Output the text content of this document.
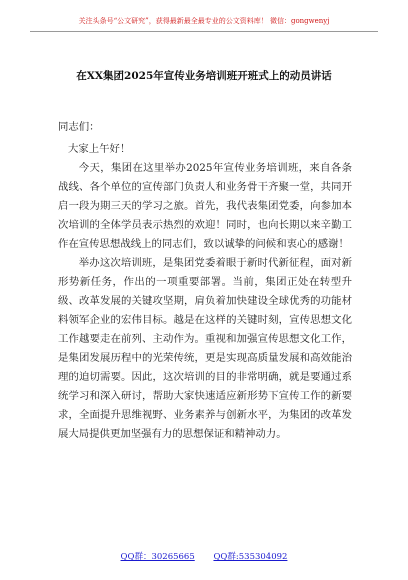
关注头条号“公文研究”，获得最新最全最专业的公文资料库！ 微信：gongwenyj
在XX集团2025年宣传业务培训班开班式上的动员讲话

同志们：

大家上午好！

今天，集团在这里举办2025年宣传业务培训班，来自各条战线、各个单位的宣传部门负责人和业务骨干齐聚一堂，共同开启一段为期三天的学习之旅。首先，我代表集团党委，向参加本次培训的全体学员表示热烈的欢迎！同时，也向长期以来辛勤工作在宣传思想战线上的同志们，致以诚挚的问候和衷心的感谢！

举办这次培训班，是集团党委着眼于新时代新征程，面对新形势新任务，作出的一项重要部署。当前，集团正处在转型升级、改革发展的关键攻坚期，肩负着加快建设全球优秀的功能材料领军企业的宏伟目标。越是在这样的关键时刻，宣传思想文化工作越要走在前列、主动作为。重视和加强宣传思想文化工作，是集团发展历程中的光荣传统，更是实现高质量发展和高效能治理的迫切需要。因此，这次培训的目的非常明确，就是要通过系统学习和深入研讨，帮助大家快速适应新形势下宣传工作的新要求，全面提升思维视野、业务素养与创新水平，为集团的改革发展大局提供更加坚强有力的思想保证和精神动力。

QQ群：30265665 QQ群:535304092
